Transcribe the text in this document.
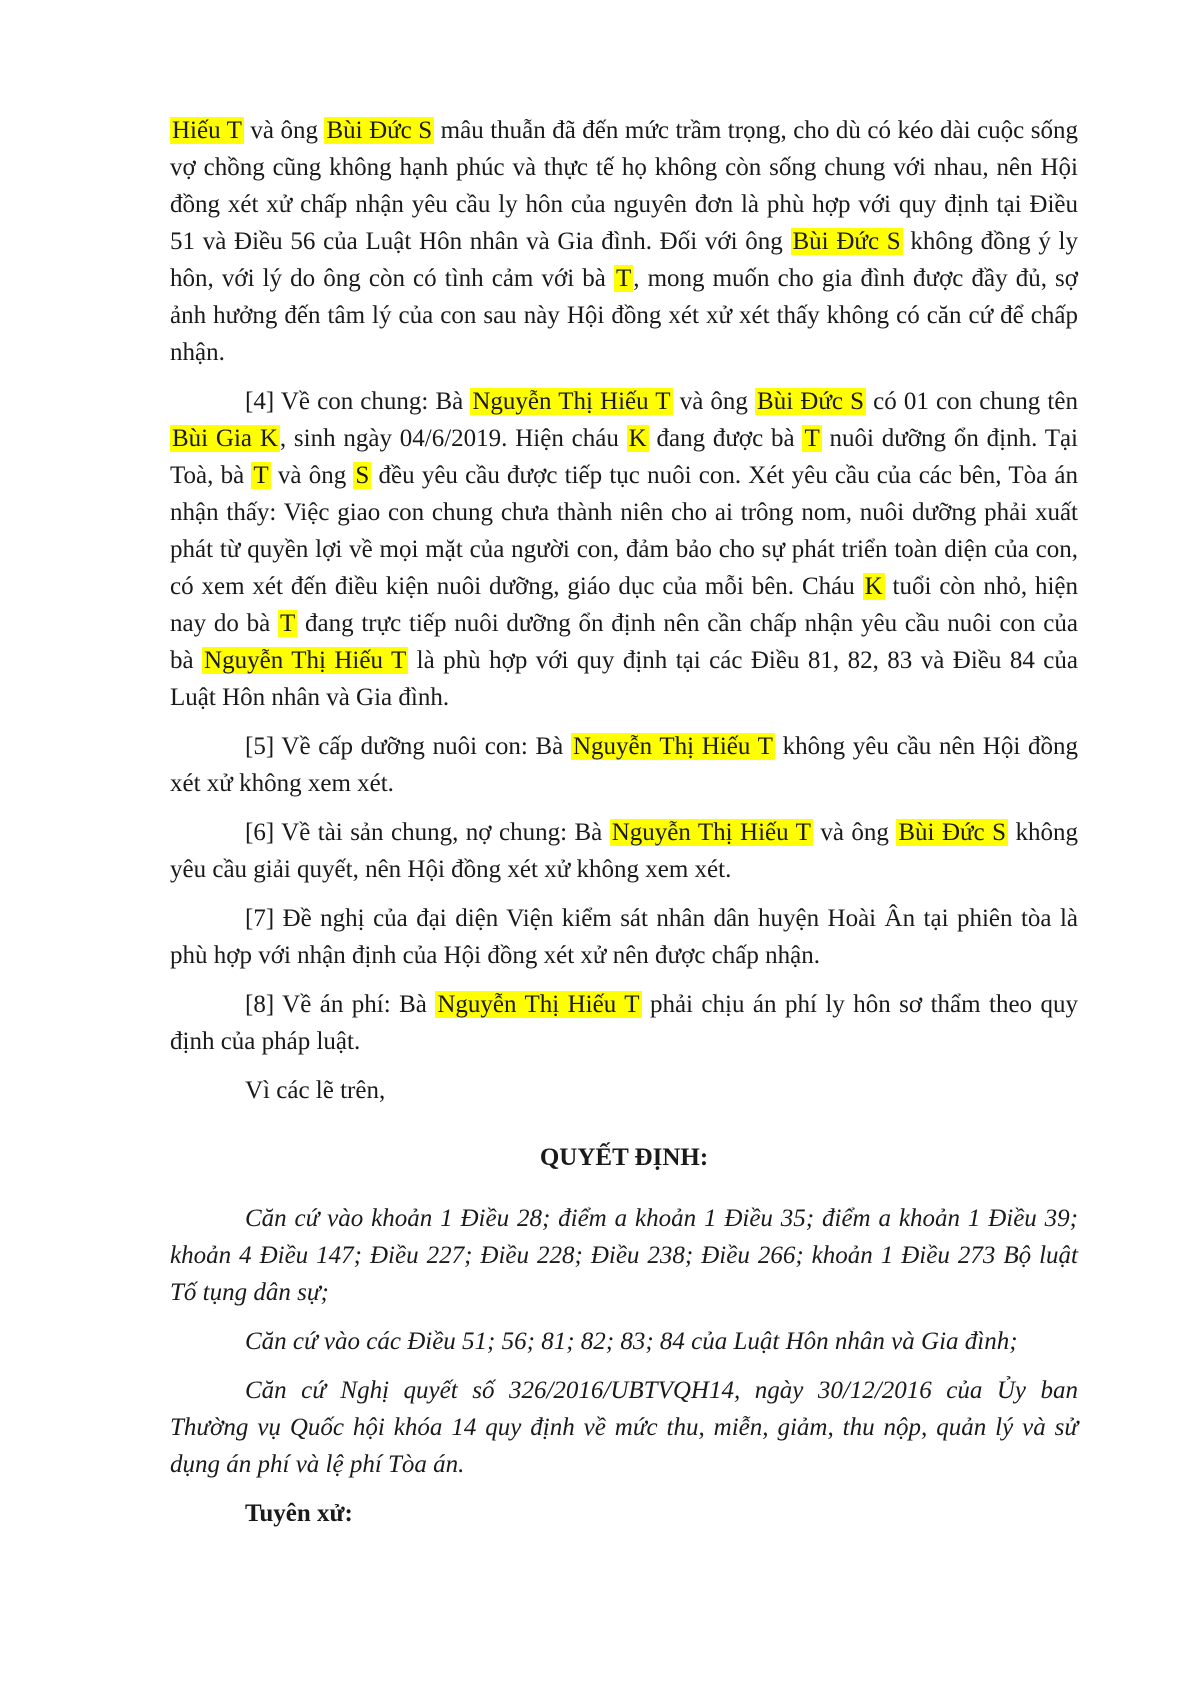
Hiếu T và ông Bùi Đức S mâu thuẫn đã đến mức trầm trọng, cho dù có kéo dài cuộc sống vợ chồng cũng không hạnh phúc và thực tế họ không còn sống chung với nhau, nên Hội đồng xét xử chấp nhận yêu cầu ly hôn của nguyên đơn là phù hợp với quy định tại Điều 51 và Điều 56 của Luật Hôn nhân và Gia đình. Đối với ông Bùi Đức S không đồng ý ly hôn, với lý do ông còn có tình cảm với bà T, mong muốn cho gia đình được đầy đủ, sợ ảnh hưởng đến tâm lý của con sau này Hội đồng xét xử xét thấy không có căn cứ để chấp nhận.

[4] Về con chung: Bà Nguyễn Thị Hiếu T và ông Bùi Đức S có 01 con chung tên Bùi Gia K, sinh ngày 04/6/2019. Hiện cháu K đang được bà T nuôi dưỡng ổn định. Tại Toà, bà T và ông S đều yêu cầu được tiếp tục nuôi con. Xét yêu cầu của các bên, Tòa án nhận thấy: Việc giao con chung chưa thành niên cho ai trông nom, nuôi dưỡng phải xuất phát từ quyền lợi về mọi mặt của người con, đảm bảo cho sự phát triển toàn diện của con, có xem xét đến điều kiện nuôi dưỡng, giáo dục của mỗi bên. Cháu K tuổi còn nhỏ, hiện nay do bà T đang trực tiếp nuôi dưỡng ổn định nên cần chấp nhận yêu cầu nuôi con của bà Nguyễn Thị Hiếu T là phù hợp với quy định tại các Điều 81, 82, 83 và Điều 84 của Luật Hôn nhân và Gia đình.

[5] Về cấp dưỡng nuôi con: Bà Nguyễn Thị Hiếu T không yêu cầu nên Hội đồng xét xử không xem xét.

[6] Về tài sản chung, nợ chung: Bà Nguyễn Thị Hiếu T và ông Bùi Đức S không yêu cầu giải quyết, nên Hội đồng xét xử không xem xét.

[7] Đề nghị của đại diện Viện kiểm sát nhân dân huyện Hoài Ân tại phiên tòa là phù hợp với nhận định của Hội đồng xét xử nên được chấp nhận.

[8] Về án phí: Bà Nguyễn Thị Hiếu T phải chịu án phí ly hôn sơ thẩm theo quy định của pháp luật.

Vì các lẽ trên,

QUYẾT ĐỊNH:

Căn cứ vào khoản 1 Điều 28; điểm a khoản 1 Điều 35; điểm a khoản 1 Điều 39; khoản 4 Điều 147; Điều 227; Điều 228; Điều 238; Điều 266; khoản 1 Điều 273 Bộ luật Tố tụng dân sự;

Căn cứ vào các Điều 51; 56; 81; 82; 83; 84 của Luật Hôn nhân và Gia đình;

Căn cứ Nghị quyết số 326/2016/UBTVQH14, ngày 30/12/2016 của Ủy ban Thường vụ Quốc hội khóa 14 quy định về mức thu, miễn, giảm, thu nộp, quản lý và sử dụng án phí và lệ phí Tòa án.

Tuyên xử:
